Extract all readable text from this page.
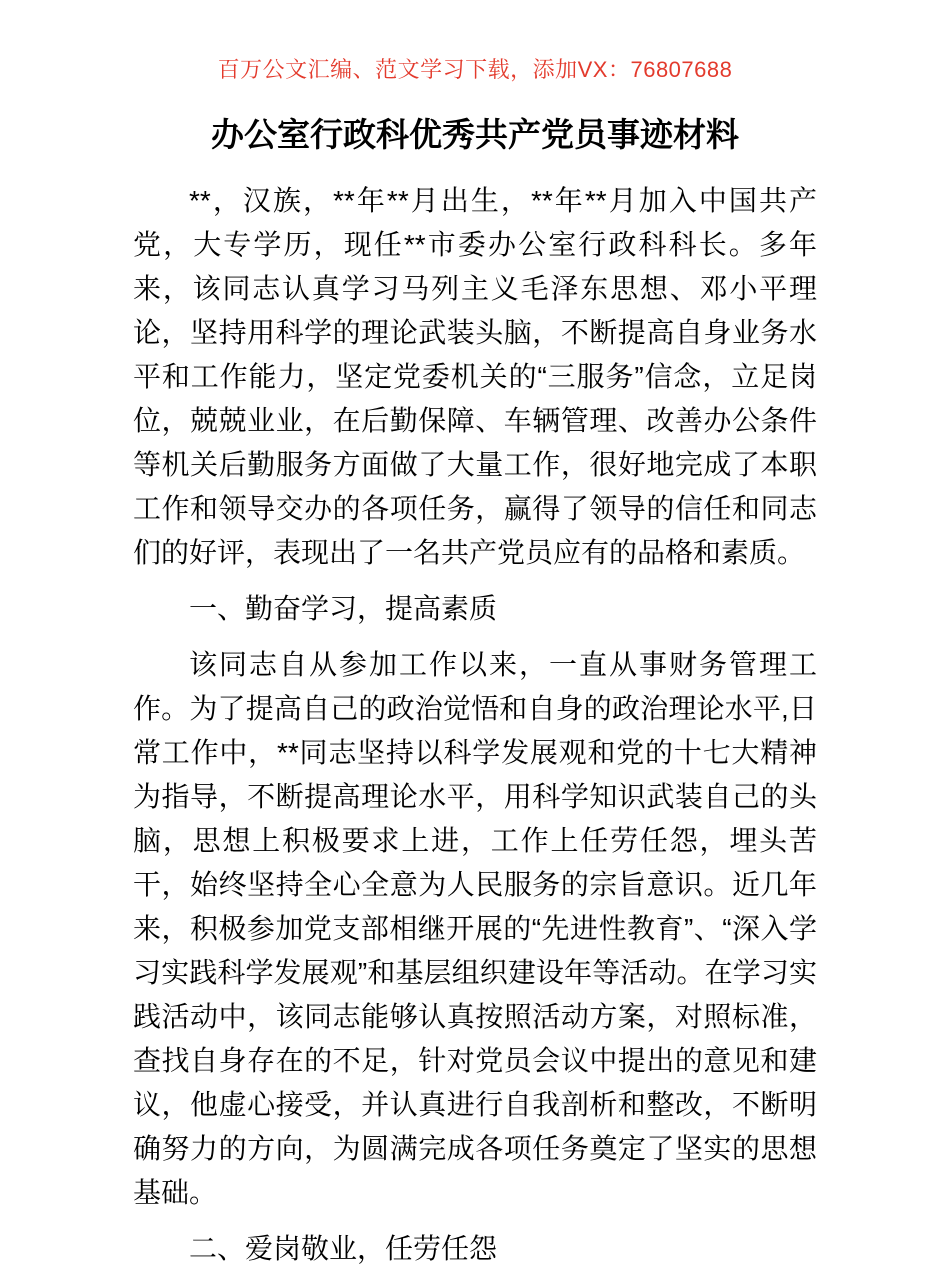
百万公文汇编、范文学习下载，添加VX：76807688
办公室行政科优秀共产党员事迹材料

**，汉族，**年**月出生，**年**月加入中国共产党，大专学历，现任**市委办公室行政科科长。多年来，该同志认真学习马列主义毛泽东思想、邓小平理论，坚持用科学的理论武装头脑，不断提高自身业务水平和工作能力，坚定党委机关的“三服务”信念，立足岗位，兢兢业业，在后勤保障、车辆管理、改善办公条件等机关后勤服务方面做了大量工作，很好地完成了本职工作和领导交办的各项任务，赢得了领导的信任和同志们的好评，表现出了一名共产党员应有的品格和素质。

一、勤奋学习，提高素质

该同志自从参加工作以来，一直从事财务管理工作。为了提高自己的政治觉悟和自身的政治理论水平,日常工作中，**同志坚持以科学发展观和党的十七大精神为指导，不断提高理论水平，用科学知识武装自己的头脑，思想上积极要求上进，工作上任劳任怨，埋头苦干，始终坚持全心全意为人民服务的宗旨意识。近几年来，积极参加党支部相继开展的“先进性教育”、“深入学习实践科学发展观”和基层组织建设年等活动。在学习实践活动中，该同志能够认真按照活动方案，对照标准，查找自身存在的不足，针对党员会议中提出的意见和建议，他虚心接受，并认真进行自我剖析和整改，不断明确努力的方向，为圆满完成各项任务奠定了坚实的思想基础。

二、爱岗敬业，任劳任怨
